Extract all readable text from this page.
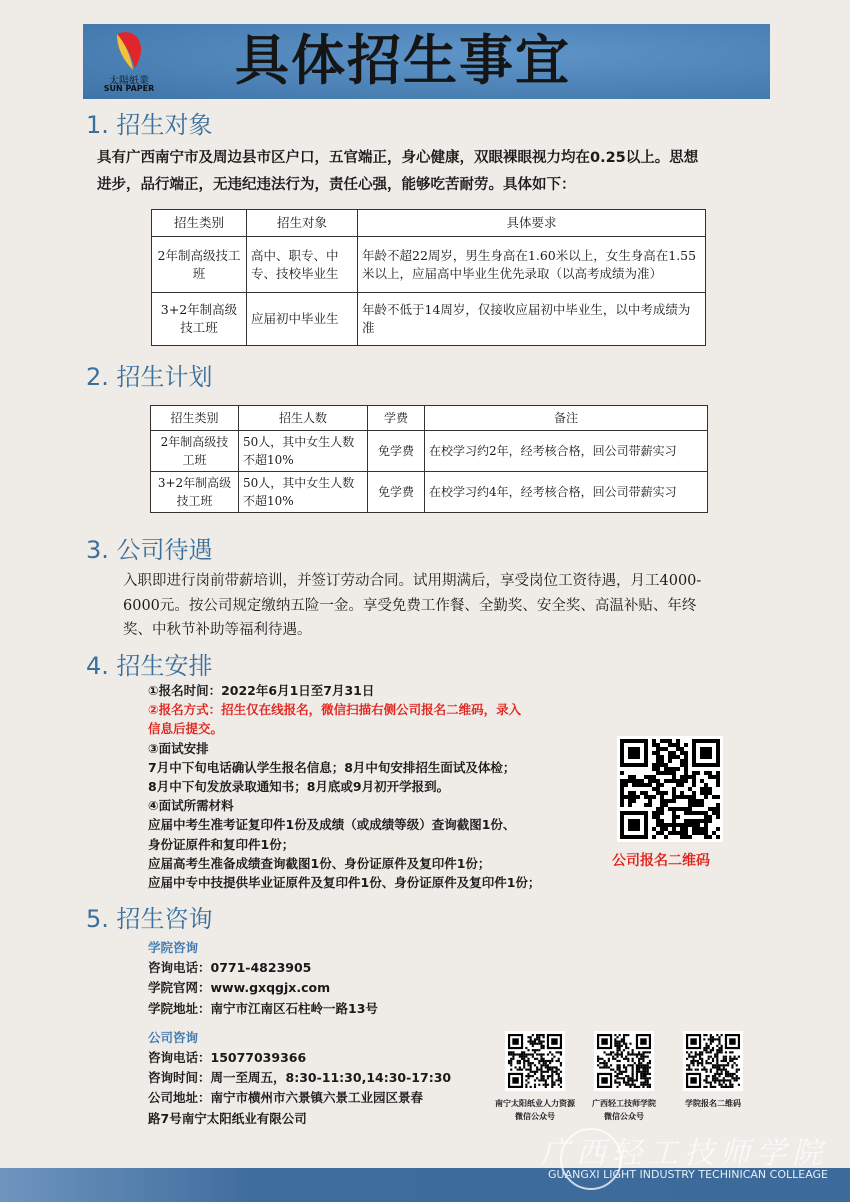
太陽紙業
SUN PAPER 具体招生事宜
1. 招生对象
具有广西南宁市及周边县市区户口，五官端正，身心健康，双眼裸眼视力均在0.25以上。思想
进步，品行端正，无违纪违法行为，责任心强，能够吃苦耐劳。具体如下：
招生类别	招生对象	具体要求
2年制高级技工班	高中、职专、中专、技校毕业生	年龄不超22周岁，男生身高在1.60米以上，女生身高在1.55米以上，应届高中毕业生优先录取（以高考成绩为准）
3+2年制高级技工班	应届初中毕业生	年龄不低于14周岁，仅接收应届初中毕业生，以中考成绩为准
2. 招生计划
招生类别	招生人数	学费	备注
2年制高级技工班	50人，其中女生人数不超10%	免学费	在校学习约2年，经考核合格，回公司带薪实习
3+2年制高级技工班	50人，其中女生人数不超10%	免学费	在校学习约4年，经考核合格，回公司带薪实习
3. 公司待遇
入职即进行岗前带薪培训，并签订劳动合同。试用期满后，享受岗位工资待遇，月工4000-6000元。按公司规定缴纳五险一金。享受免费工作餐、全勤奖、安全奖、高温补贴、年终奖、中秋节补助等福利待遇。
4. 招生安排
①报名时间：2022年6月1日至7月31日
②报名方式：招生仅在线报名，微信扫描右侧公司报名二维码，录入
信息后提交。
③面试安排
7月中下旬电话确认学生报名信息；8月中旬安排招生面试及体检；
8月中下旬发放录取通知书；8月底或9月初开学报到。
④面试所需材料
应届中考生准考证复印件1份及成绩（或成绩等级）查询截图1份、
身份证原件和复印件1份；
应届高考生准备成绩查询截图1份、身份证原件及复印件1份；
应届中专中技提供毕业证原件及复印件1份、身份证原件及复印件1份；
公司报名二维码
5. 招生咨询
学院咨询
咨询电话：0771-4823905
学院官网：www.gxqgjx.com
学院地址：南宁市江南区石柱岭一路13号
公司咨询
咨询电话：15077039366
咨询时间：周一至周五，8:30-11:30,14:30-17:30
公司地址：南宁市横州市六景镇六景工业园区景春
路7号南宁太阳纸业有限公司
南宁太阳纸业人力资源
微信公众号
广西轻工技师学院
微信公众号
学院报名二维码
广西轻工技师学院
GUANGXI LIGHT INDUSTRY TECHINICAN COLLEAGE
